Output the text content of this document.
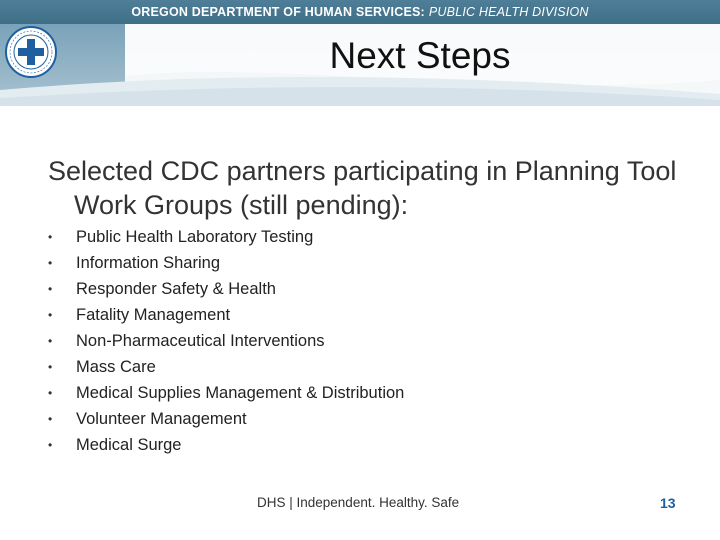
OREGON DEPARTMENT OF HUMAN SERVICES: PUBLIC HEALTH DIVISION
Next Steps
Selected CDC partners participating in Planning Tool Work Groups (still pending):
•	Public Health Laboratory Testing
•	Information Sharing
•	Responder Safety & Health
•	Fatality Management
•	Non-Pharmaceutical Interventions
•	Mass Care
•	Medical Supplies Management & Distribution
•	Volunteer Management
•	Medical Surge
DHS | Independent. Healthy. Safe	13
